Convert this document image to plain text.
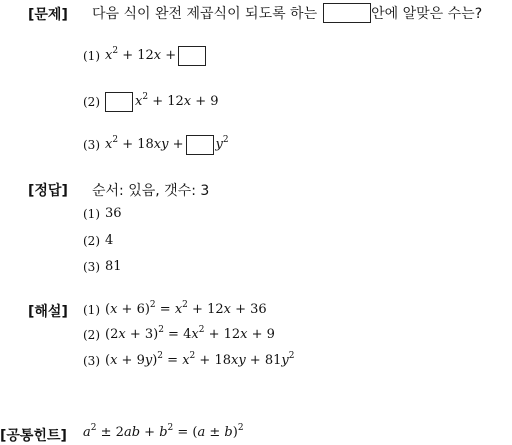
[문제] 다음 식이 완전 제곱식이 되도록 하는	안에 알맞은 수는?
(1) $x^2 + 12x$ +
(2)	$x^2 + 12x + 9$
(3) $x^2 + 18xy + y^2$
[정답] 순서: 있음, 갯수: 3
(1) 36
(2) 4
(3) 81
[해설] (1) $(x + 6)^2 = x^2 + 12x + 36$
(2) $(2x + 3)^2 = 4x^2 + 12x + 9$
(3) $(x + 9y)^2 = x^2 + 18xy + 81y^2$
[공통힌트] $a^2 \pm 2ab + b^2 = (a \pm b)^2$
